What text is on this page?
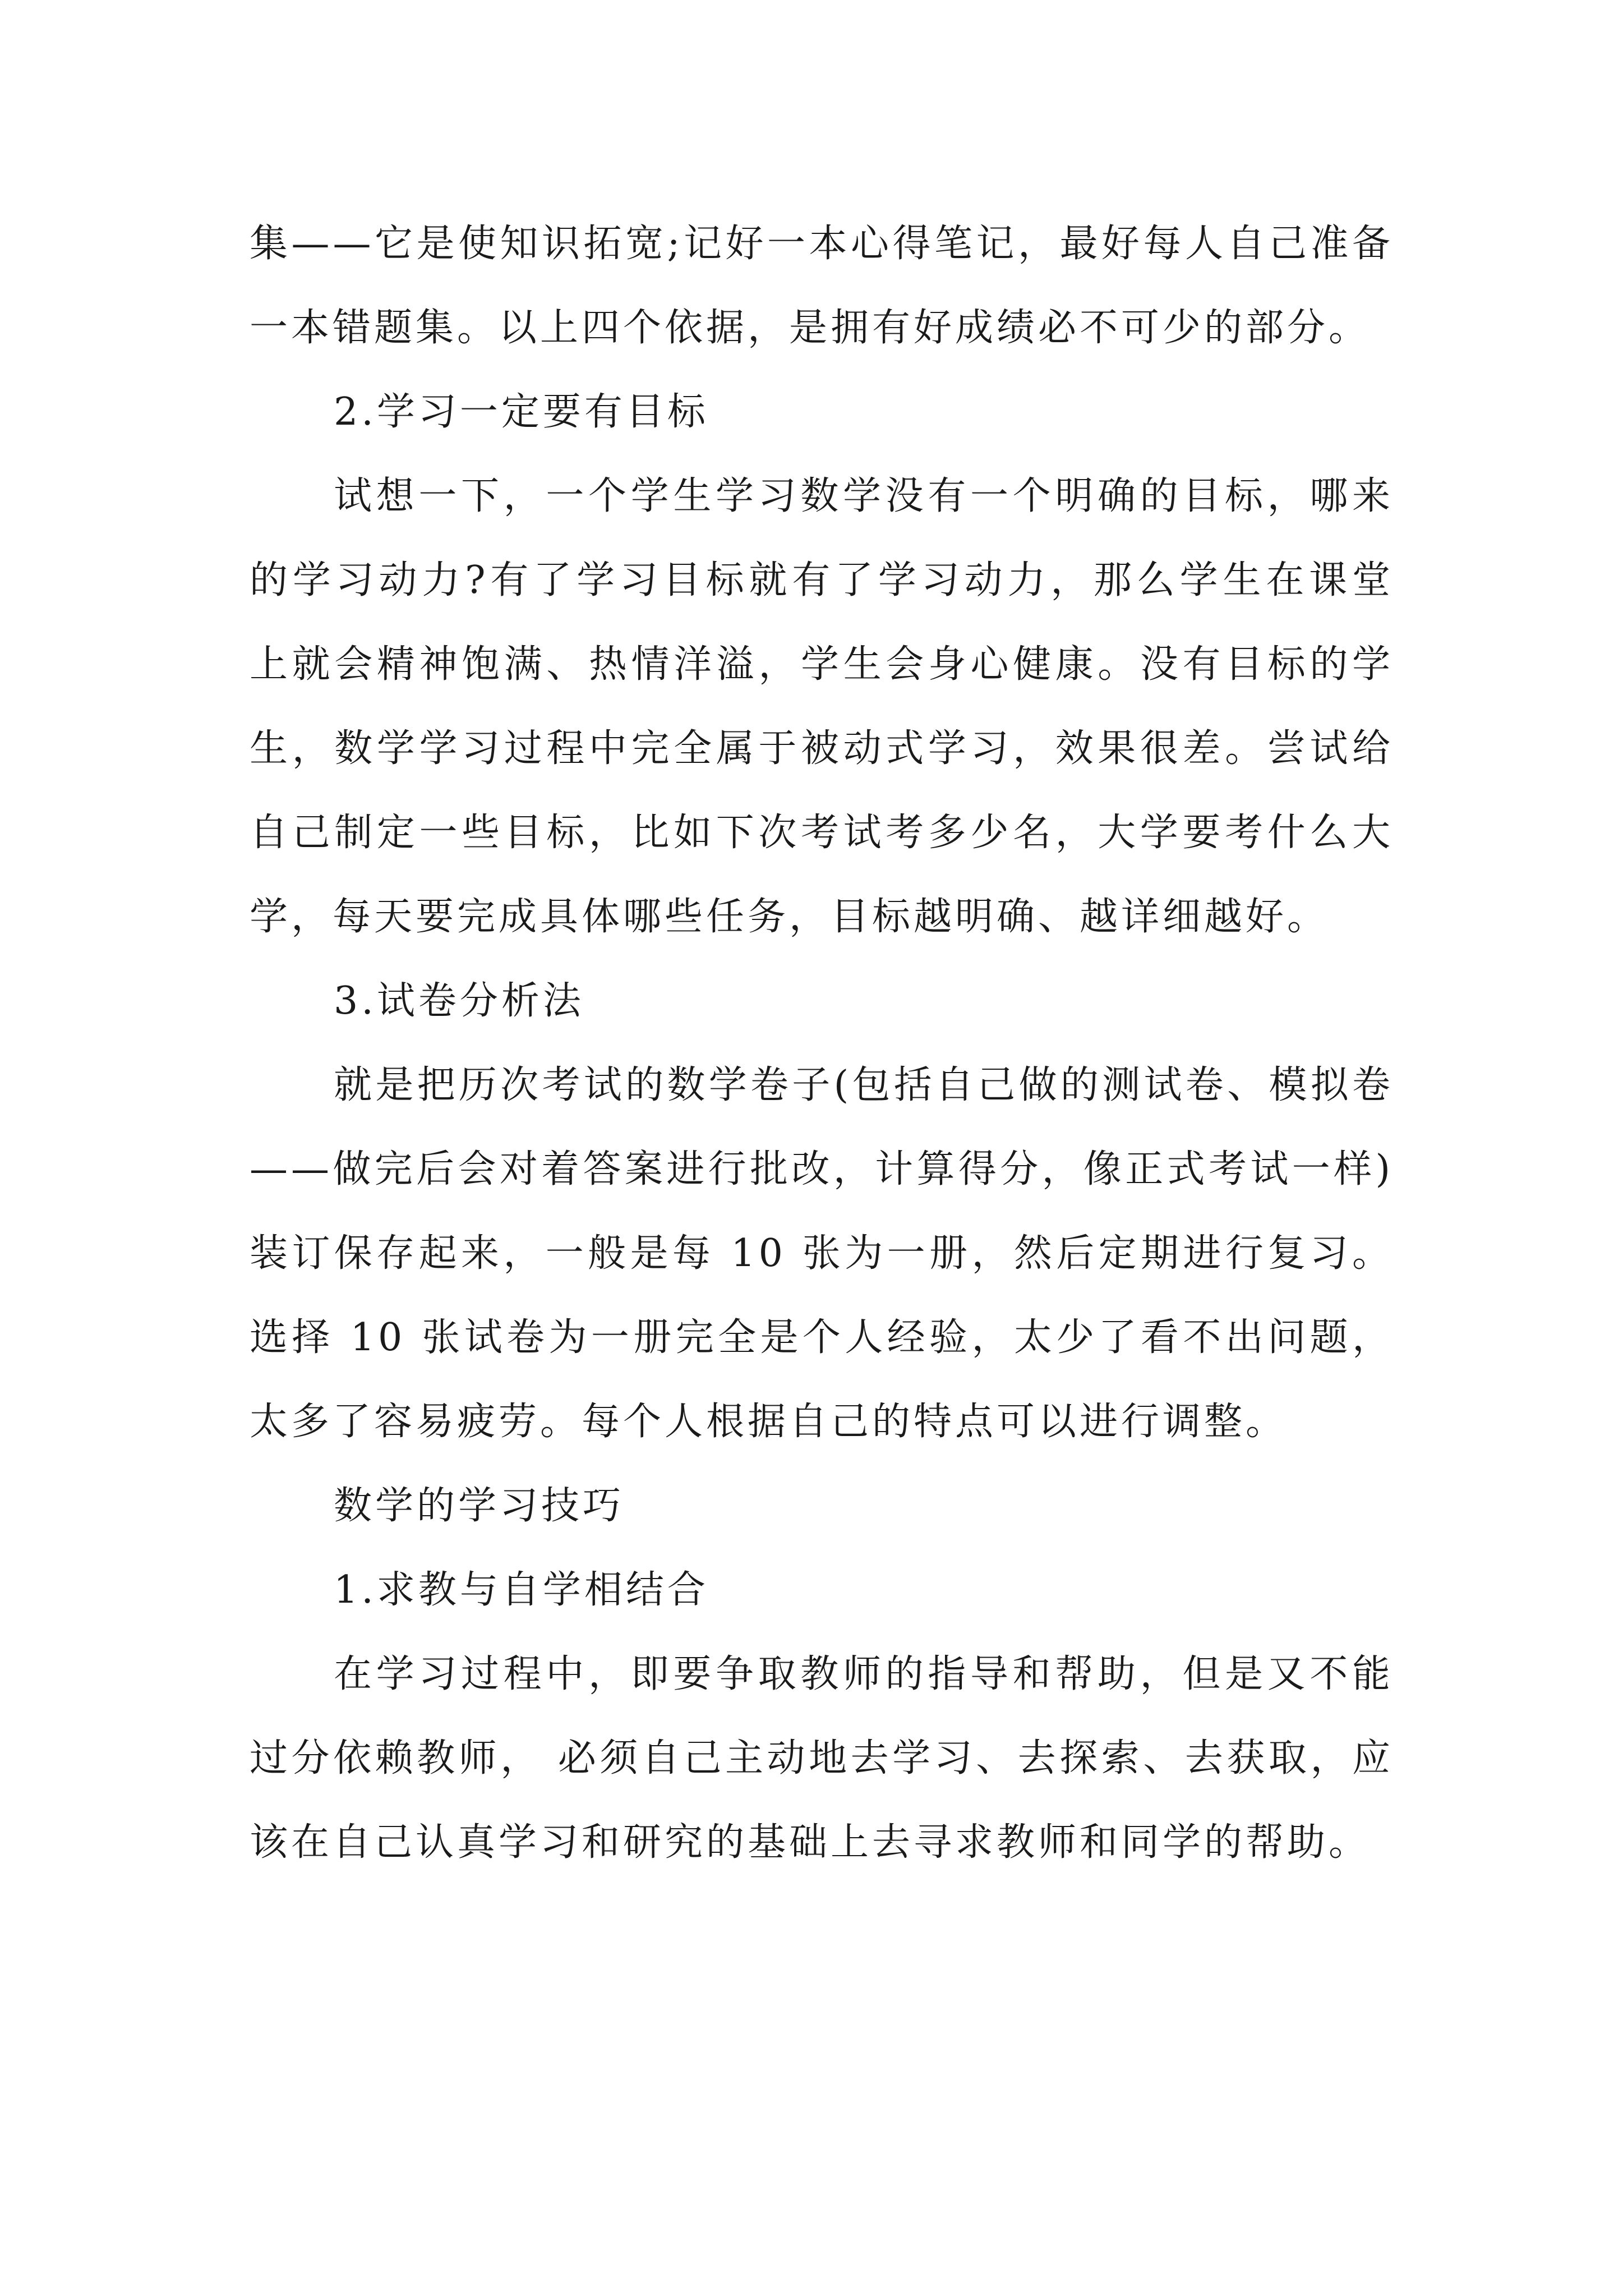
集——它是使知识拓宽;记好一本心得笔记，最好每人自己准备一本错题集。以上四个依据，是拥有好成绩必不可少的部分。

2.学习一定要有目标

试想一下，一个学生学习数学没有一个明确的目标，哪来的学习动力?有了学习目标就有了学习动力，那么学生在课堂上就会精神饱满、热情洋溢，学生会身心健康。没有目标的学生，数学学习过程中完全属于被动式学习，效果很差。尝试给自己制定一些目标，比如下次考试考多少名，大学要考什么大学，每天要完成具体哪些任务，目标越明确、越详细越好。

3.试卷分析法

就是把历次考试的数学卷子(包括自己做的测试卷、模拟卷——做完后会对着答案进行批改，计算得分，像正式考试一样)装订保存起来，一般是每 10 张为一册，然后定期进行复习。选择 10 张试卷为一册完全是个人经验，太少了看不出问题，太多了容易疲劳。每个人根据自己的特点可以进行调整。

数学的学习技巧

1.求教与自学相结合

在学习过程中，即要争取教师的指导和帮助，但是又不能过分依赖教师， 必须自己主动地去学习、去探索、去获取，应该在自己认真学习和研究的基础上去寻求教师和同学的帮助。
